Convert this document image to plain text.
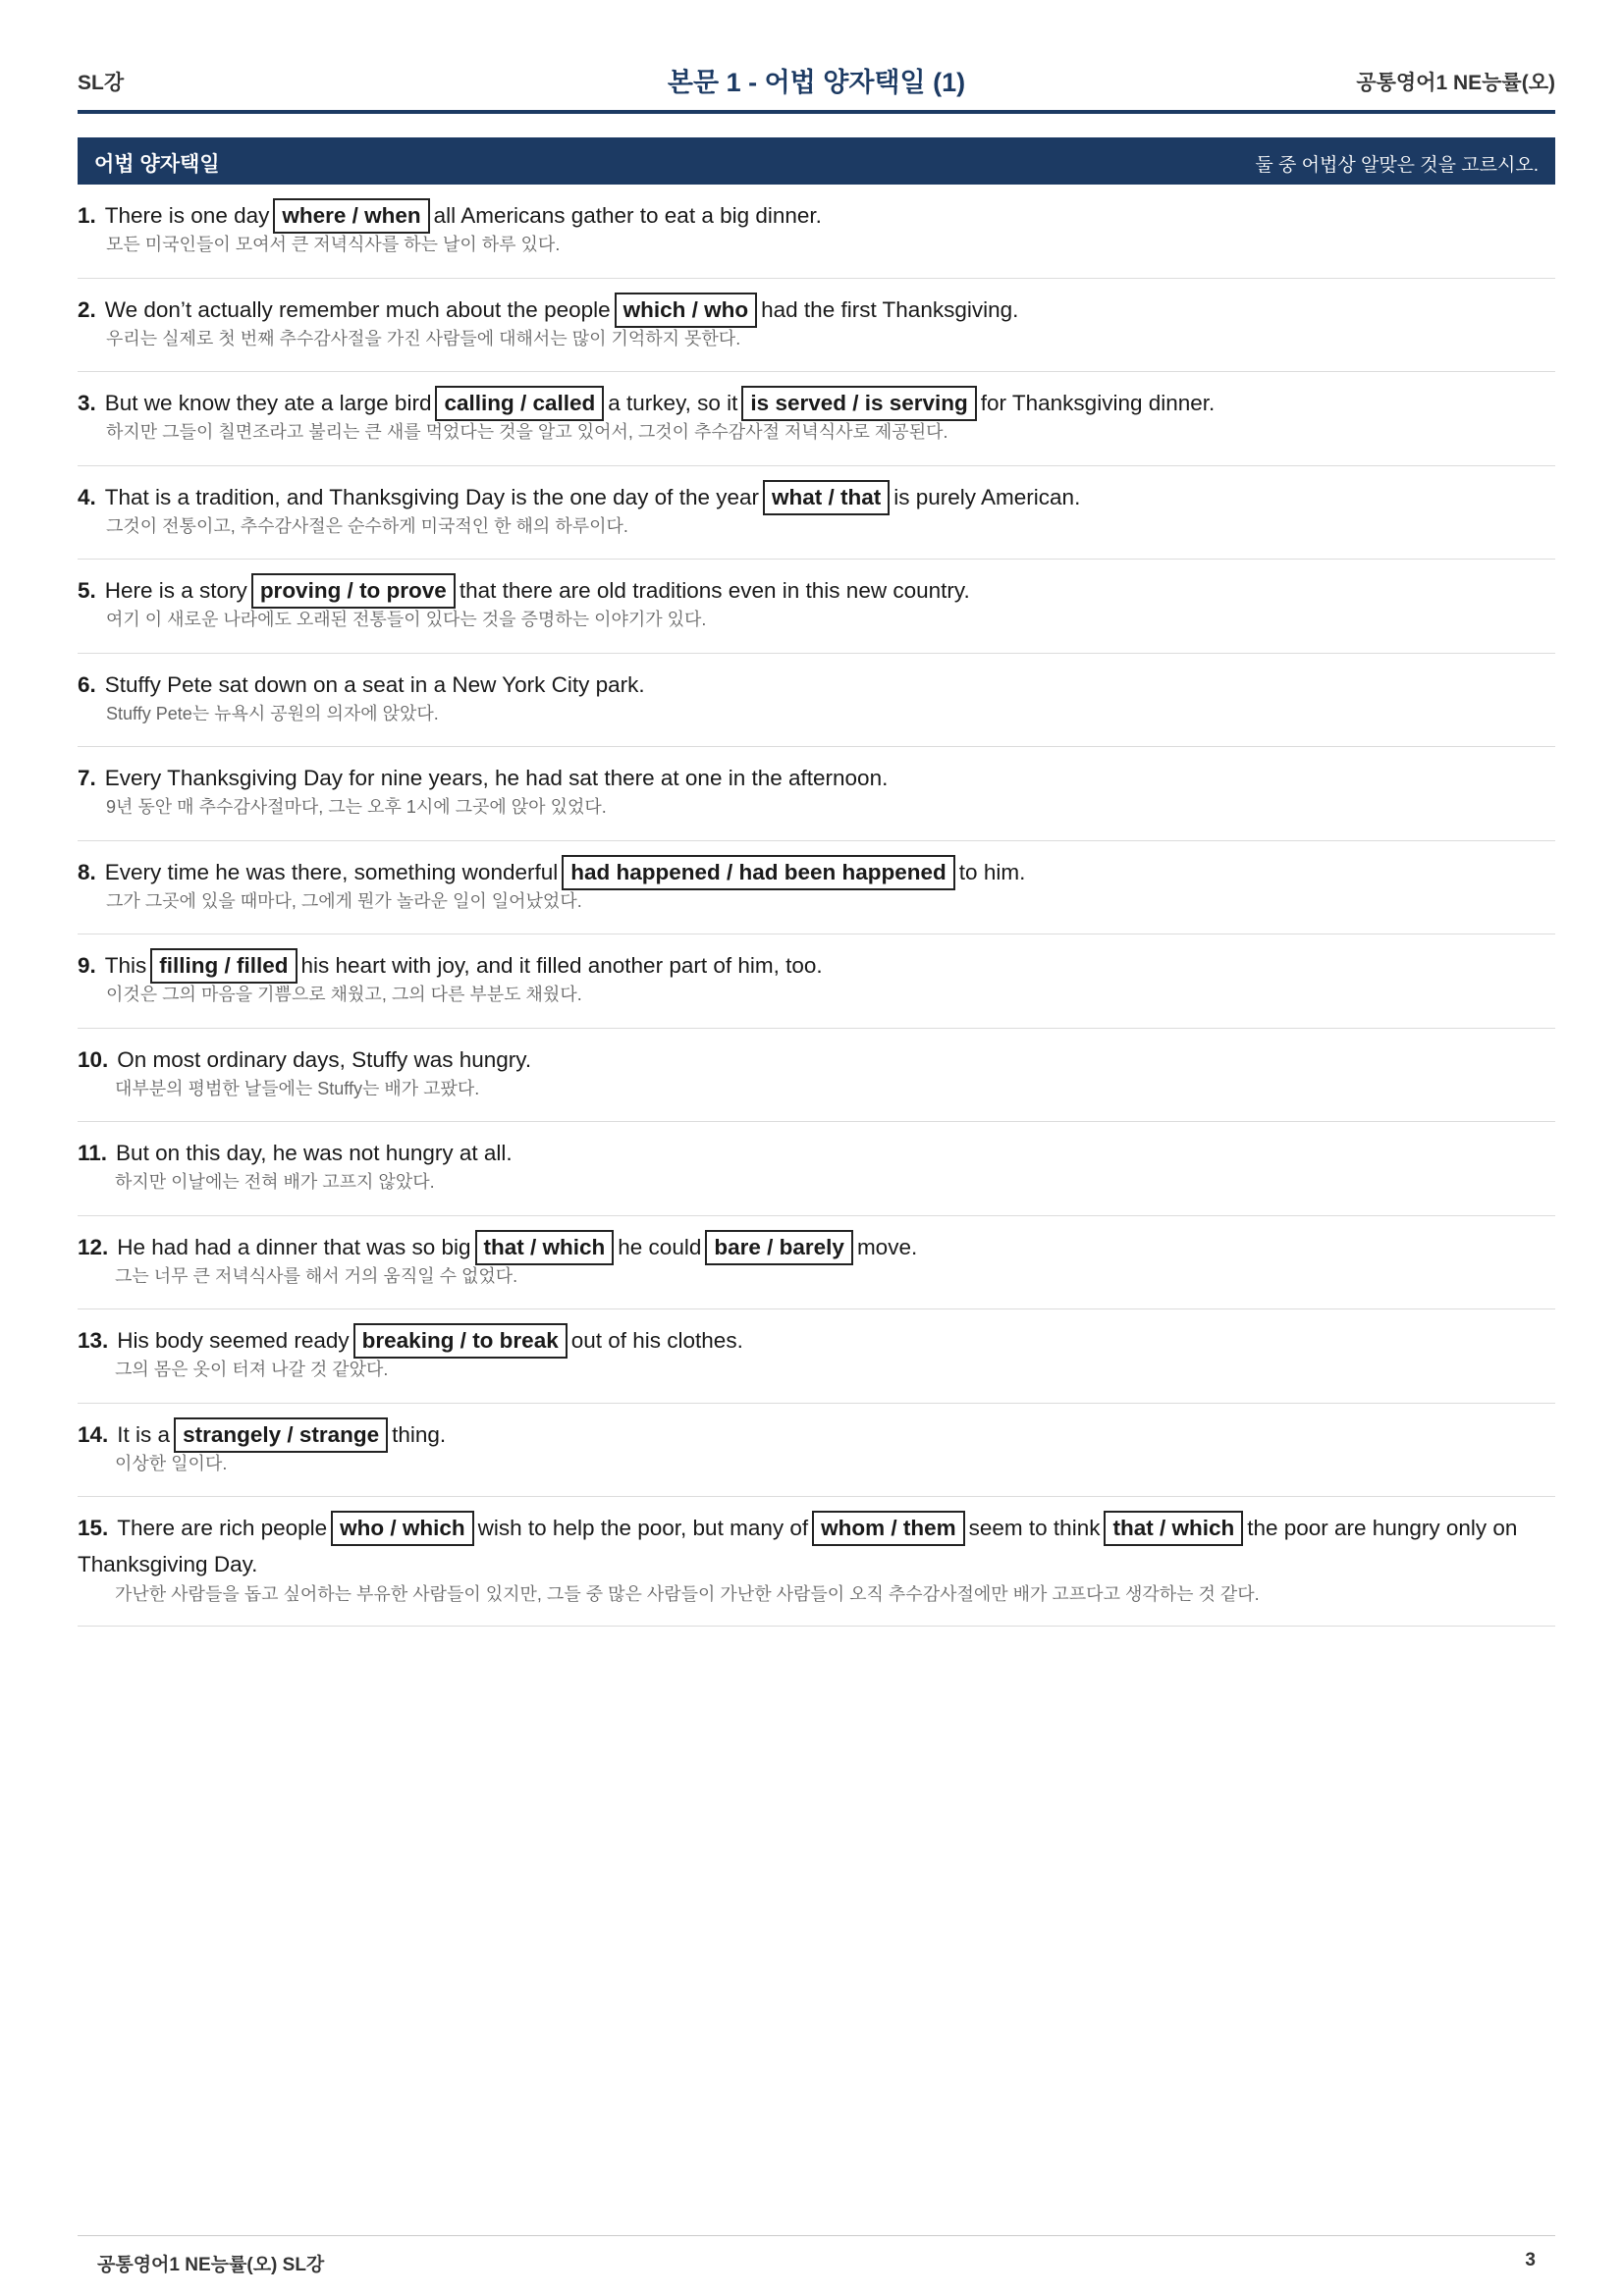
SL강	본문 1 - 어법 양자택일 (1)	공통영어1 NE능률(오)
어법 양자택일	둘 중 어법상 알맞은 것을 고르시오.
1. There is one day where / when all Americans gather to eat a big dinner.
모든 미국인들이 모여서 큰 저녁식사를 하는 날이 하루 있다.
2. We don’t actually remember much about the people which / who had the first Thanksgiving.
우리는 실제로 첫 번째 추수감사절을 가진 사람들에 대해서는 많이 기억하지 못한다.
3. But we know they ate a large bird calling / called a turkey, so it is served / is serving for Thanksgiving dinner.
하지만 그들이 칠면조라고 불리는 큰 새를 먹었다는 것을 알고 있어서, 그것이 추수감사절 저녁식사로 제공된다.
4. That is a tradition, and Thanksgiving Day is the one day of the year what / that is purely American.
그것이 전통이고, 추수감사절은 순수하게 미국적인 한 해의 하루이다.
5. Here is a story proving / to prove that there are old traditions even in this new country.
여기 이 새로운 나라에도 오래된 전통들이 있다는 것을 증명하는 이야기가 있다.
6. Stuffy Pete sat down on a seat in a New York City park.
Stuffy Pete는 뉴욕시 공원의 의자에 앉았다.
7. Every Thanksgiving Day for nine years, he had sat there at one in the afternoon.
9년 동안 매 추수감사절마다, 그는 오후 1시에 그곳에 앉아 있었다.
8. Every time he was there, something wonderful had happened / had been happened to him.
그가 그곳에 있을 때마다, 그에게 뭔가 놀라운 일이 일어났었다.
9. This filling / filled his heart with joy, and it filled another part of him, too.
이것은 그의 마음을 기쁨으로 채웠고, 그의 다른 부분도 채웠다.
10. On most ordinary days, Stuffy was hungry.
대부분의 평범한 날들에는 Stuffy는 배가 고팠다.
11. But on this day, he was not hungry at all.
하지만 이날에는 전혀 배가 고프지 않았다.
12. He had had a dinner that was so big that / which he could bare / barely move.
그는 너무 큰 저녁식사를 해서 거의 움직일 수 없었다.
13. His body seemed ready breaking / to break out of his clothes.
그의 몸은 옷이 터져 나갈 것 같았다.
14. It is a strangely / strange thing.
이상한 일이다.
15. There are rich people who / which wish to help the poor, but many of whom / them seem to think that / which the poor are hungry only on Thanksgiving Day.
가난한 사람들을 돕고 싶어하는 부유한 사람들이 있지만, 그들 중 많은 사람들이 가난한 사람들이 오직 추수감사절에만 배가 고프다고 생각하는 것 같다.
공통영어1 NE능률(오) SL강	3
